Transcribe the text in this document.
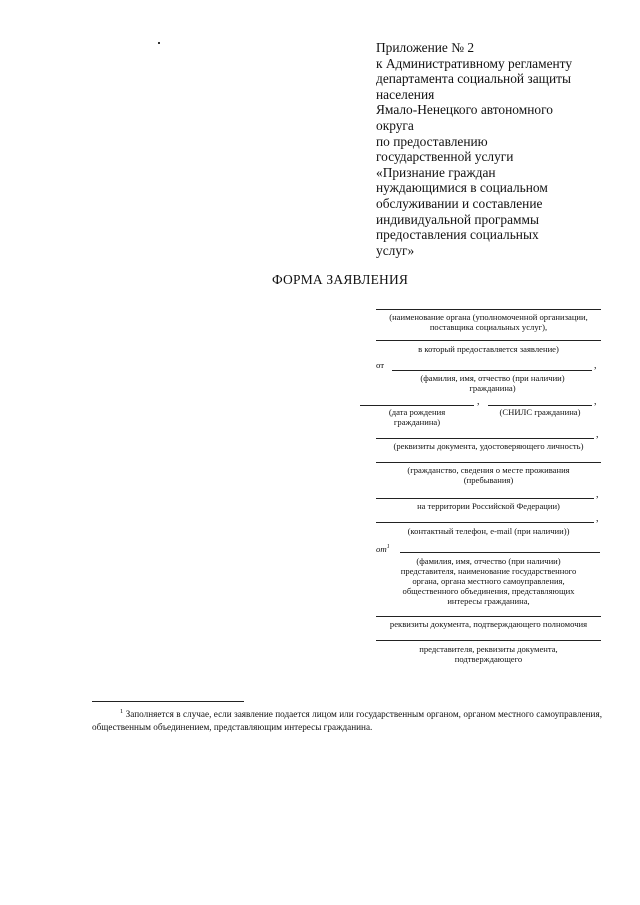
Приложение № 2
к Административному регламенту
департамента социальной защиты
населения
Ямало-Ненецкого автономного
округа
по предоставлению
государственной услуги
«Признание граждан
нуждающимися в социальном
обслуживании и составление
индивидуальной программы
предоставления социальных
услуг»
ФОРМА ЗАЯВЛЕНИЯ
(наименование органа (уполномоченной организации,
поставщика социальных услуг),
в который предоставляется заявление)
от	,
(фамилия, имя, отчество (при наличии)
гражданина)
,	,
(дата рождения
гражданина)
(СНИЛС гражданина)
,
(реквизиты документа, удостоверяющего личность)
(гражданство, сведения о месте проживания
(пребывания)
,
на территории Российской Федерации)
,
(контактный телефон, e-mail (при наличии))
$от^1$
(фамилия, имя, отчество (при наличии)
представителя, наименование государственного
органа, органа местного самоуправления,
общественного объединения, представляющих
интересы гражданина,
реквизиты документа, подтверждающего полномочия
представителя, реквизиты документа,
подтверждающего
$^1$ Заполняется в случае, если заявление подается лицом или государственным органом, органом местного самоуправления, общественным объединением, представляющим интересы гражданина.
